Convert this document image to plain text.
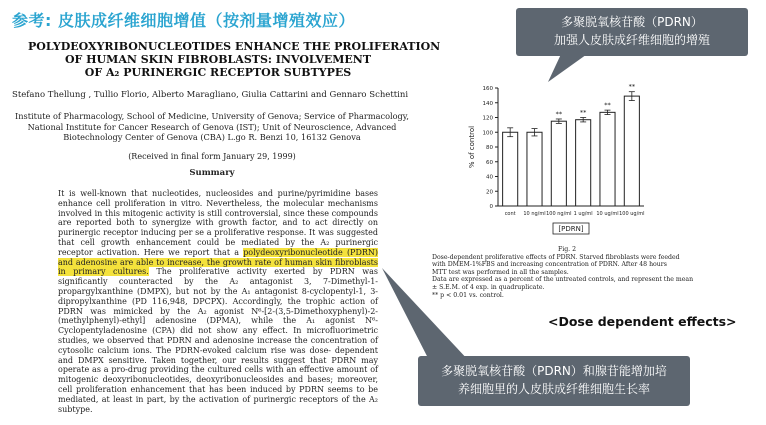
参考: 皮肤成纤维细胞增值（按剂量增殖效应）
POLYDEOXYRIBONUCLEOTIDES ENHANCE THE PROLIFERATION
OF HUMAN SKIN FIBROBLASTS: INVOLVEMENT
OF A₂ PURINERGIC RECEPTOR SUBTYPES
Stefano Thellung , Tullio Florio, Alberto Maragliano, Giulia Cattarini and Gennaro Schettini
Institute of Pharmacology, School of Medicine, University of Genova; Service of Pharmacology,
National Institute for Cancer Research of Genova (IST); Unit of Neuroscience, Advanced
Biotechnology Center of Genova (CBA) L.go R. Benzi 10, 16132 Genova
(Received in final form January 29, 1999)
Summary
It is well-known that nucleotides, nucleosides and purine/pyrimidine bases enhance cell proliferation in vitro. Nevertheless, the molecular mechanisms involved in this mitogenic activity is still controversial, since these compounds are reported both to synergize with growth factor, and to act directly on purinergic receptor inducing per se a proliferative response. It was suggested that cell growth enhancement could be mediated by the A₂ purinergic receptor activation. Here we report that a polydeoxyribonucleotide (PDRN) and adenosine are able to increase, the growth rate of human skin fibroblasts in primary cultures. The proliferative activity exerted by PDRN was significantly counteracted by the A₂ antagonist 3, 7-Dimethyl-1-propargylxanthine (DMPX), but not by the A₁ antagonist 8-cyclopentyl-1, 3-dipropylxanthine (PD 116,948, DPCPX). Accordingly, the trophic action of PDRN was mimicked by the A₂ agonist N⁶-[2-(3,5-Dimethoxyphenyl)-2-(methylphenyl)-ethyl] adenosine (DPMA), while the A₁ agonist N⁶-Cyclopentyladenosine (CPA) did not show any effect. In microfluorimetric studies, we observed that PDRN and adenosine increase the concentration of cytosolic calcium ions. The PDRN-evoked calcium rise was dose- dependent and DMPX sensitive. Taken together, our results suggest that PDRN may operate as a pro-drug providing the cultured cells with an effective amount of mitogenic deoxyribonucleotides, deoxyribonucleosides and bases; moreover, cell proliferation enhancement that has been induced by PDRN seems to be mediated, at least in part, by the activation of purinergic receptors of the A₂ subtype.
多聚脱氧核苷酸（PDRN）
加强人皮肤成纤维细胞的增殖
多聚脱氧核苷酸（PDRN）和腺苷能增加培
养细胞里的人皮肤成纤维细胞生长率
0
20
40
60
80
100
120
140
160
% of control
cont 10 ng/ml
**
100 ng/ml
**
1 ug/ml
**
10 ug/ml
**
100 ug/ml
[PDRN]
Fig. 2
Dose-dependent proliferative effects of PDRN. Starved fibroblasts were feeded
with DMEM-1%FBS and increasing concentration of PDRN. After 48 hours
MTT test was performed in all the samples.
Data are expressed as a percent of the untreated controls, and represent the mean
± S.E.M. of 4 exp. in quadruplicate.
** p < 0.01 vs. control.
<Dose dependent effects>
